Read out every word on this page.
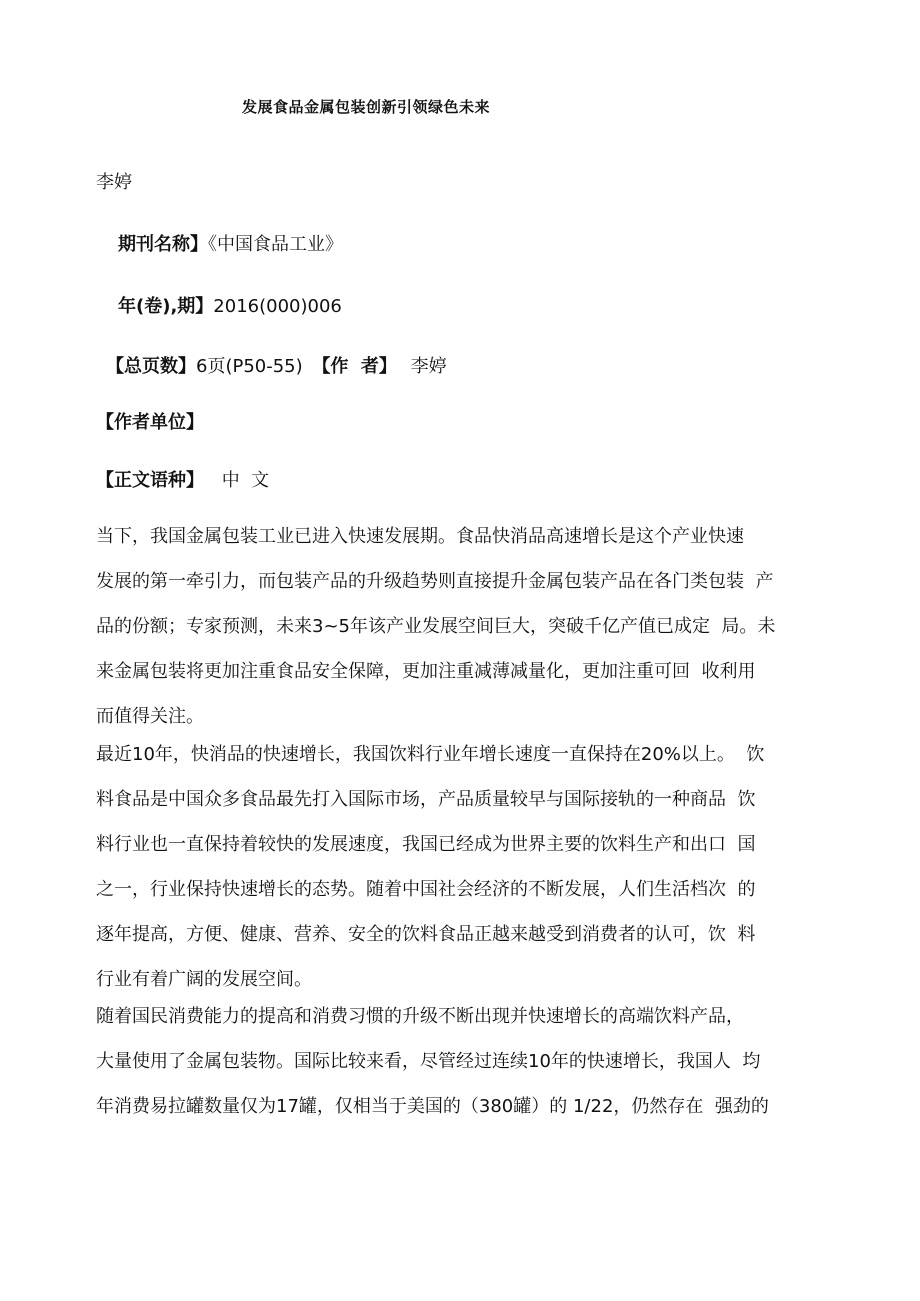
发展食品金属包装创新引领绿色未来
李婷
期刊名称】《中国食品工业》
年(卷),期】2016(000)006
【总页数】6页(P50-55) 【作  者】 李婷
【作者单位】
【正文语种】 中  文
当下，我国金属包装工业已进入快速发展期。食品快消品高速增长是这个产业快速
发展的第一牵引力，而包装产品的升级趋势则直接提升金属包装产品在各门类包装  产
品的份额；专家预测，未来3~5年该产业发展空间巨大，突破千亿产值已成定  局。未
来金属包装将更加注重食品安全保障，更加注重减薄减量化，更加注重可回  收利用
而值得关注。
最近10年，快消品的快速增长，我国饮料行业年增长速度一直保持在20%以上。  饮
料食品是中国众多食品最先打入国际市场，产品质量较早与国际接轨的一种商品  饮
料行业也一直保持着较快的发展速度，我国已经成为世界主要的饮料生产和出口  国
之一，行业保持快速增长的态势。随着中国社会经济的不断发展，人们生活档次  的
逐年提高，方便、健康、营养、安全的饮料食品正越来越受到消费者的认可，饮  料
行业有着广阔的发展空间。
随着国民消费能力的提高和消费习惯的升级不断出现并快速增长的高端饮料产品，
大量使用了金属包装物。国际比较来看，尽管经过连续10年的快速增长，我国人  均
年消费易拉罐数量仅为17罐，仅相当于美国的（380罐）的 1/22，仍然存在  强劲的
